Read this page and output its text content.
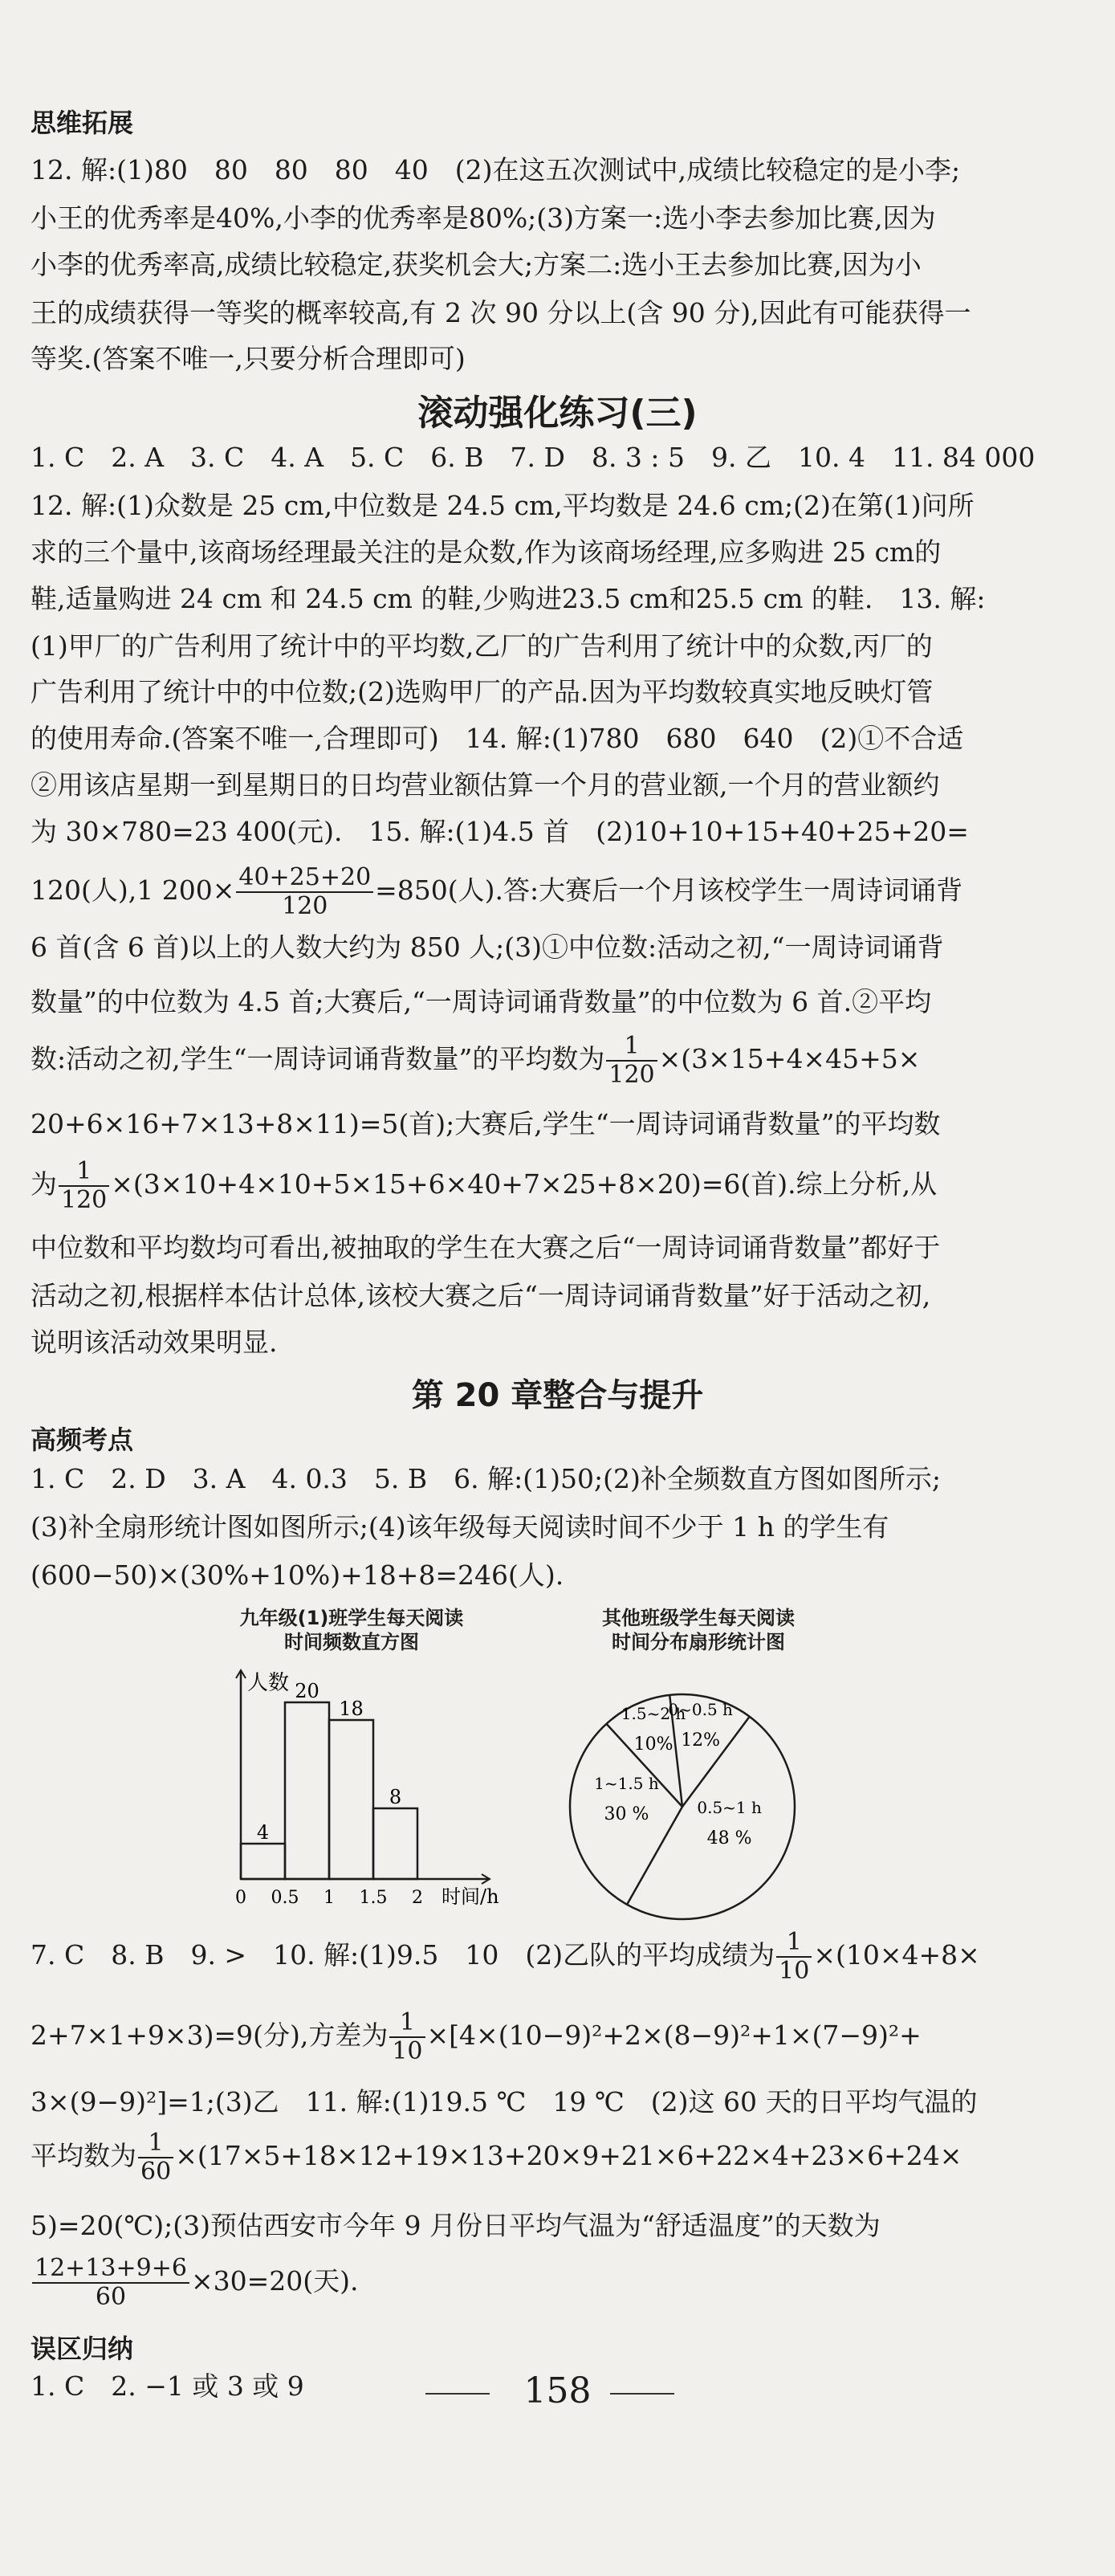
思维拓展
12. 解:(1)80　80　80　80　40　(2)在这五次测试中,成绩比较稳定的是小李;
小王的优秀率是40%,小李的优秀率是80%;(3)方案一:选小李去参加比赛,因为
小李的优秀率高,成绩比较稳定,获奖机会大;方案二:选小王去参加比赛,因为小
王的成绩获得一等奖的概率较高,有 2 次 90 分以上(含 90 分),因此有可能获得一
等奖.(答案不唯一,只要分析合理即可)
滚动强化练习(三)
1. C　2. A　3. C　4. A　5. C　6. B　7. D　8. 3 : 5　9. 乙　10. 4　11. 84 000
12. 解:(1)众数是 25 cm,中位数是 24.5 cm,平均数是 24.6 cm;(2)在第(1)问所
求的三个量中,该商场经理最关注的是众数,作为该商场经理,应多购进 25 cm的
鞋,适量购进 24 cm 和 24.5 cm 的鞋,少购进23.5 cm和25.5 cm 的鞋.　13. 解:
(1)甲厂的广告利用了统计中的平均数,乙厂的广告利用了统计中的众数,丙厂的
广告利用了统计中的中位数;(2)选购甲厂的产品.因为平均数较真实地反映灯管
的使用寿命.(答案不唯一,合理即可)　14. 解:(1)780　680　640　(2)①不合适
②用该店星期一到星期日的日均营业额估算一个月的营业额,一个月的营业额约
为 30×780=23 400(元).　15. 解:(1)4.5 首　(2)10+10+15+40+25+20=
120(人),1 $200\times \frac{40+25+20}{120} =850$(人).答:大赛后一个月该校学生一周诗词诵背
6 首(含 6 首)以上的人数大约为 850 人;(3)①中位数:活动之初,“一周诗词诵背
数量”的中位数为 4.5 首;大赛后,“一周诗词诵背数量”的中位数为 6 首.②平均
数:活动之初,学生“一周诗词诵背数量”的平均数为 $\frac{1}{120} \times(3\times 15+4\times 45+5\times$
20+6×16+7×13+8×11)=5(首);大赛后,学生“一周诗词诵背数量”的平均数
为 $\frac{1}{120} \times(3\times 10+4\times 10+5\times 15+6\times 40+7\times 25+8\times 20)=6$(首).综上分析,从
中位数和平均数均可看出,被抽取的学生在大赛之后“一周诗词诵背数量”都好于
活动之初,根据样本估计总体,该校大赛之后“一周诗词诵背数量”好于活动之初,
说明该活动效果明显.
第 20 章整合与提升
高频考点
1. C　2. D　3. A　4. 0.3　5. B　6. 解:(1)50;(2)补全频数直方图如图所示;
(3)补全扇形统计图如图所示;(4)该年级每天阅读时间不少于 1 h 的学生有
(600−50)×(30%+10%)+18+8=246(人).
九年级(1)班学生每天阅读
时间频数直方图
人数
时间/h
4
20
18
8
0 0.5 1 1.5 2
其他班级学生每天阅读
时间分布扇形统计图
0~0.5 h
12%
0.5~1 h
48 %
1~1.5 h
30 %
1.5~2 h
10%
7. C　8. B　9. >　10. 解:(1)9.5　10　(2)乙队的平均成绩为 $\frac{1}{10} \times(10\times 4+8\times$
2+7×1+9×3)=9(分),方差为 $\frac{1}{10} \times[4\times(10-9)^2+2\times(8-9)^2+1\times(7-9)^2+$
3×(9−9)²]=1;(3)乙　11. 解:(1)19.5 ℃　19 ℃　(2)这 60 天的日平均气温的
平均数为 $\frac{1}{60} \times(17\times 5+18\times 12+19\times 13+20\times 9+21\times 6+22\times 4+23\times 6+24\times$
5)=20(℃);(3)预估西安市今年 9 月份日平均气温为“舒适温度”的天数为
$\frac{12+13+9+6}{60} \times 30=20$(天).
误区归纳
1. C　2. −1 或 3 或 9	158
